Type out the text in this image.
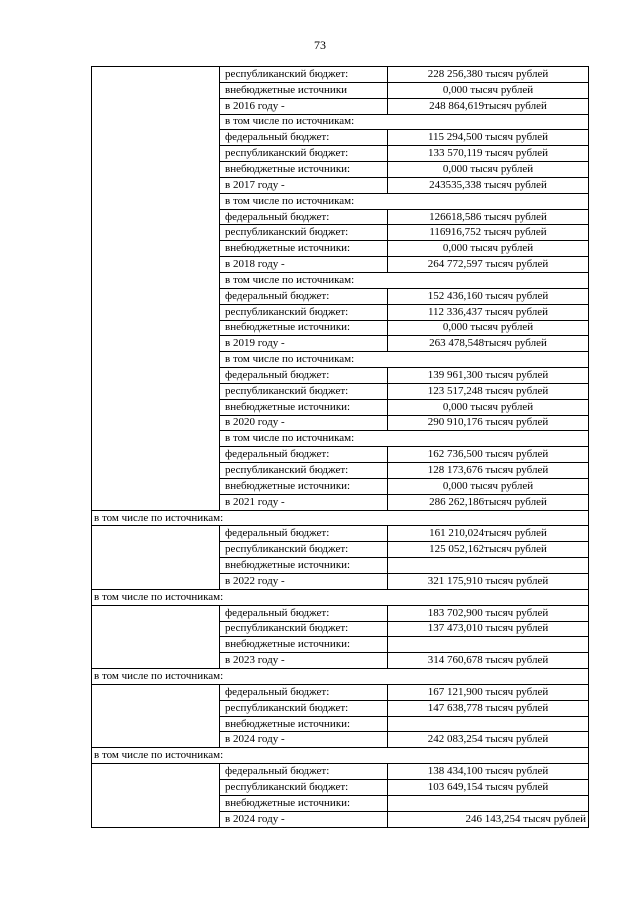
73
	республиканский бюджет:	228 256,380 тысяч рублей
	внебюджетные источники	0,000 тысяч рублей
	в 2016 году -	248 864,619тысяч рублей
	в том числе по источникам:	
	федеральный бюджет:	115 294,500 тысяч рублей
	республиканский бюджет:	133 570,119 тысяч рублей
	внебюджетные источники:	0,000 тысяч рублей
	в 2017 году -	243535,338 тысяч рублей
	в том числе по источникам:	
	федеральный бюджет:	126618,586 тысяч рублей
	республиканский бюджет:	116916,752 тысяч рублей
	внебюджетные источники:	0,000 тысяч рублей
	в 2018 году -	264 772,597 тысяч рублей
	в том числе по источникам:	
	федеральный бюджет:	152 436,160 тысяч рублей
	республиканский бюджет:	112 336,437 тысяч рублей
	внебюджетные источники:	0,000 тысяч рублей
	в 2019 году -	263 478,548тысяч рублей
	в том числе по источникам:	
	федеральный бюджет:	139 961,300 тысяч рублей
	республиканский бюджет:	123 517,248 тысяч рублей
	внебюджетные источники:	0,000 тысяч рублей
	в 2020 году -	290 910,176 тысяч рублей
	в том числе по источникам:	
	федеральный бюджет:	162 736,500 тысяч рублей
	республиканский бюджет:	128 173,676 тысяч рублей
	внебюджетные источники:	0,000 тысяч рублей
	в 2021 году -	286 262,186тысяч рублей
в том числе по источникам:		
	федеральный бюджет:	161 210,024тысяч рублей
	республиканский бюджет:	125 052,162тысяч рублей
	внебюджетные источники:	
	в 2022 году -	321 175,910 тысяч рублей
в том числе по источникам:		
	федеральный бюджет:	183 702,900 тысяч рублей
	республиканский бюджет:	137 473,010 тысяч рублей
	внебюджетные источники:	
	в 2023 году -	314 760,678 тысяч рублей
в том числе по источникам:		
	федеральный бюджет:	167 121,900 тысяч рублей
	республиканский бюджет:	147 638,778 тысяч рублей
	внебюджетные источники:	
	в 2024 году -	242 083,254 тысяч рублей
в том числе по источникам:		
	федеральный бюджет:	138 434,100 тысяч рублей
	республиканский бюджет:	103 649,154 тысяч рублей
	внебюджетные источники:	
	в 2024 году -	246 143,254 тысяч рублей
